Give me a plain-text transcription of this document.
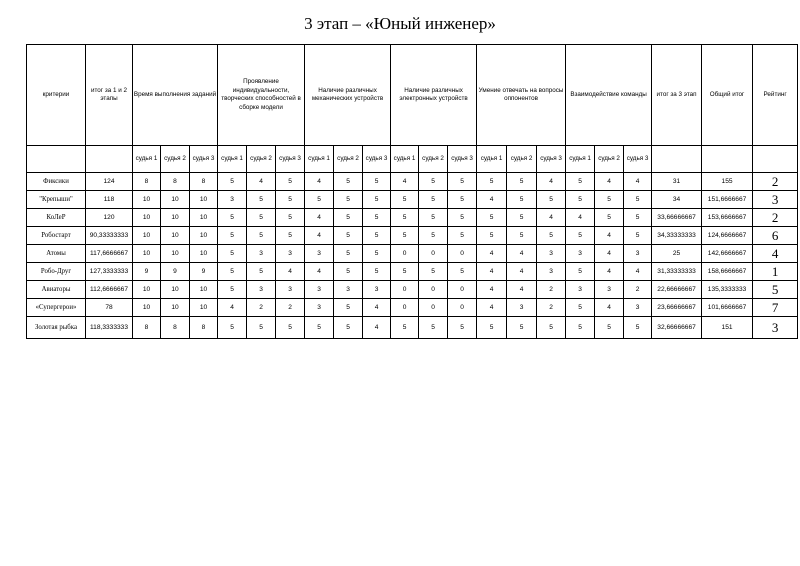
3 этап – «Юный инженер»
критерии	итог за 1 и 2 этапы	Время выполнения заданий			Проявление индивидуальности, творческих способностей в сборке модели			Наличие различных механических устройств			Наличие различных электронных устройств			Умение отвечать на вопросы оппонентов			Взаимодействие команды			итог за 3 этап	Общий итог	Рейтинг
		судья 1	судья 2	судья 3	судья 1	судья 2	судья 3	судья 1	судья 2	судья 3	судья 1	судья 2	судья 3	судья 1	судья 2	судья 3	судья 1	судья 2	судья 3			
Фиксики	124	8	8	8	5	4	5	4	5	5	4	5	5	5	5	4	5	4	4	31	155	2
"Крепыши"	118	10	10	10	3	5	5	5	5	5	5	5	5	4	5	5	5	5	5	34	151,6666667	3
КоЛеР	120	10	10	10	5	5	5	4	5	5	5	5	5	5	5	4	4	5	5	33,66666667	153,6666667	2
Робостарт	90,33333333	10	10	10	5	5	5	4	5	5	5	5	5	5	5	5	5	4	5	34,33333333	124,6666667	6
Атомы	117,6666667	10	10	10	5	3	3	3	5	5	0	0	0	4	4	3	3	4	3	25	142,6666667	4
Робо-Друг	127,3333333	9	9	9	5	5	4	4	5	5	5	5	5	4	4	3	5	4	4	31,33333333	158,6666667	1
Авиаторы	112,6666667	10	10	10	5	3	3	3	3	3	0	0	0	4	4	2	3	3	2	22,66666667	135,3333333	5
«Супергерои»	78	10	10	10	4	2	2	3	5	4	0	0	0	4	3	2	5	4	3	23,66666667	101,6666667	7
Золотая рыбка	118,3333333	8	8	8	5	5	5	5	5	4	5	5	5	5	5	5	5	5	5	32,66666667	151	3
